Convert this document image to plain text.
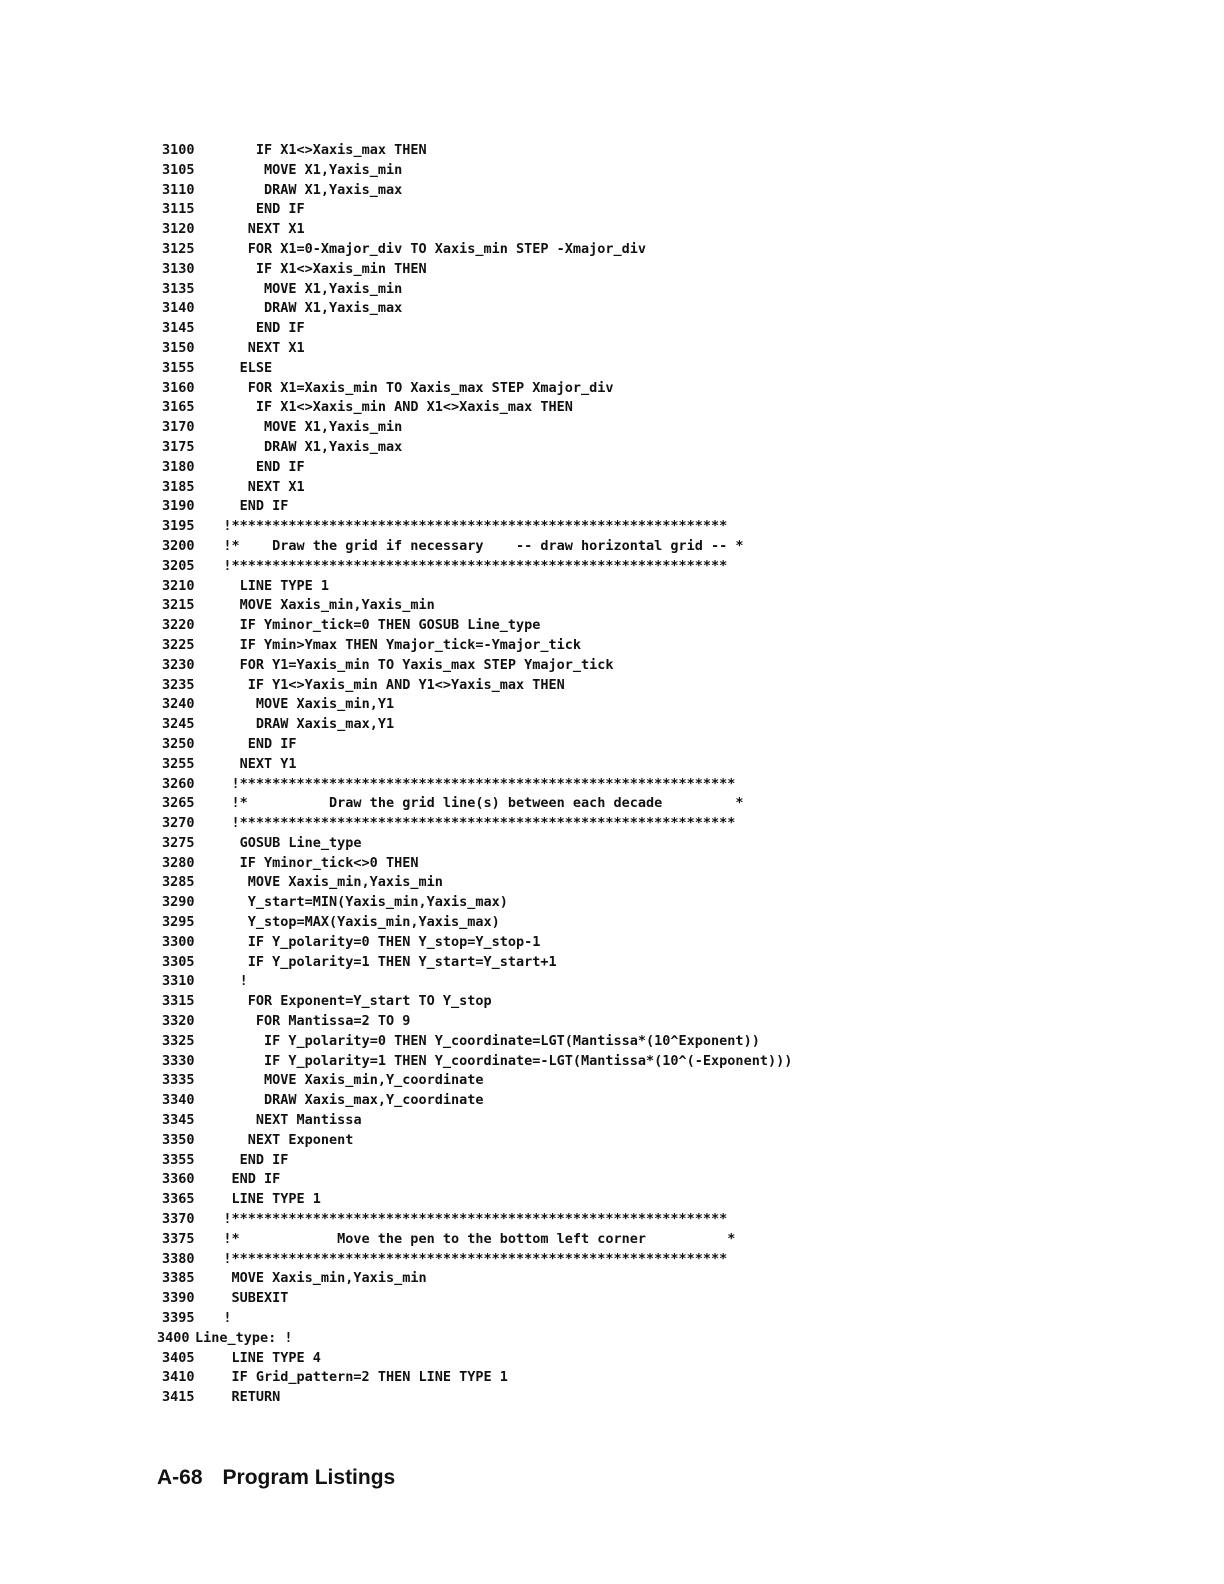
3100	IF X1<>Xaxis_max THEN
3105	MOVE X1,Yaxis_min
3110	DRAW X1,Yaxis_max
3115	END IF
3120	NEXT X1
3125	FOR X1=0-Xmajor_div TO Xaxis_min STEP -Xmajor_div
3130	IF X1<>Xaxis_min THEN
3135	MOVE X1,Yaxis_min
3140	DRAW X1,Yaxis_max
3145	END IF
3150	NEXT X1
3155	ELSE
3160	FOR X1=Xaxis_min TO Xaxis_max STEP Xmajor_div
3165	IF X1<>Xaxis_min AND X1<>Xaxis_max THEN
3170	MOVE X1,Yaxis_min
3175	DRAW X1,Yaxis_max
3180	END IF
3185	NEXT X1
3190	END IF
3195 !*************************************************************
3200 !*    Draw the grid if necessary    -- draw horizontal grid -- *
3205 !*************************************************************
3210	LINE TYPE 1
3215	MOVE Xaxis_min,Yaxis_min
3220	IF Yminor_tick=0 THEN GOSUB Line_type
3225	IF Ymin>Ymax THEN Ymajor_tick=-Ymajor_tick
3230	FOR Y1=Yaxis_min TO Yaxis_max STEP Ymajor_tick
3235	IF Y1<>Yaxis_min AND Y1<>Yaxis_max THEN
3240	MOVE Xaxis_min,Y1
3245	DRAW Xaxis_max,Y1
3250	END IF
3255	NEXT Y1
3260	!*************************************************************
3265	!*          Draw the grid line(s) between each decade         *
3270	!*************************************************************
3275	GOSUB Line_type
3280	IF Yminor_tick<>0 THEN
3285	MOVE Xaxis_min,Yaxis_min
3290	Y_start=MIN(Yaxis_min,Yaxis_max)
3295	Y_stop=MAX(Yaxis_min,Yaxis_max)
3300	IF Y_polarity=0 THEN Y_stop=Y_stop-1
3305	IF Y_polarity=1 THEN Y_start=Y_start+1
3310	!
3315	FOR Exponent=Y_start TO Y_stop
3320	FOR Mantissa=2 TO 9
3325	IF Y_polarity=0 THEN Y_coordinate=LGT(Mantissa*(10^Exponent))
3330	IF Y_polarity=1 THEN Y_coordinate=-LGT(Mantissa*(10^(-Exponent)))
3335	MOVE Xaxis_min,Y_coordinate
3340	DRAW Xaxis_max,Y_coordinate
3345	NEXT Mantissa
3350	NEXT Exponent
3355	END IF
3360	END IF
3365	LINE TYPE 1
3370 !*************************************************************
3375 !*            Move the pen to the bottom left corner          *
3380 !*************************************************************
3385	MOVE Xaxis_min,Yaxis_min
3390	SUBEXIT
3395 !
3400 Line_type: !
3405	LINE TYPE 4
3410	IF Grid_pattern=2 THEN LINE TYPE 1
3415	RETURN
A-68 Program Listings
